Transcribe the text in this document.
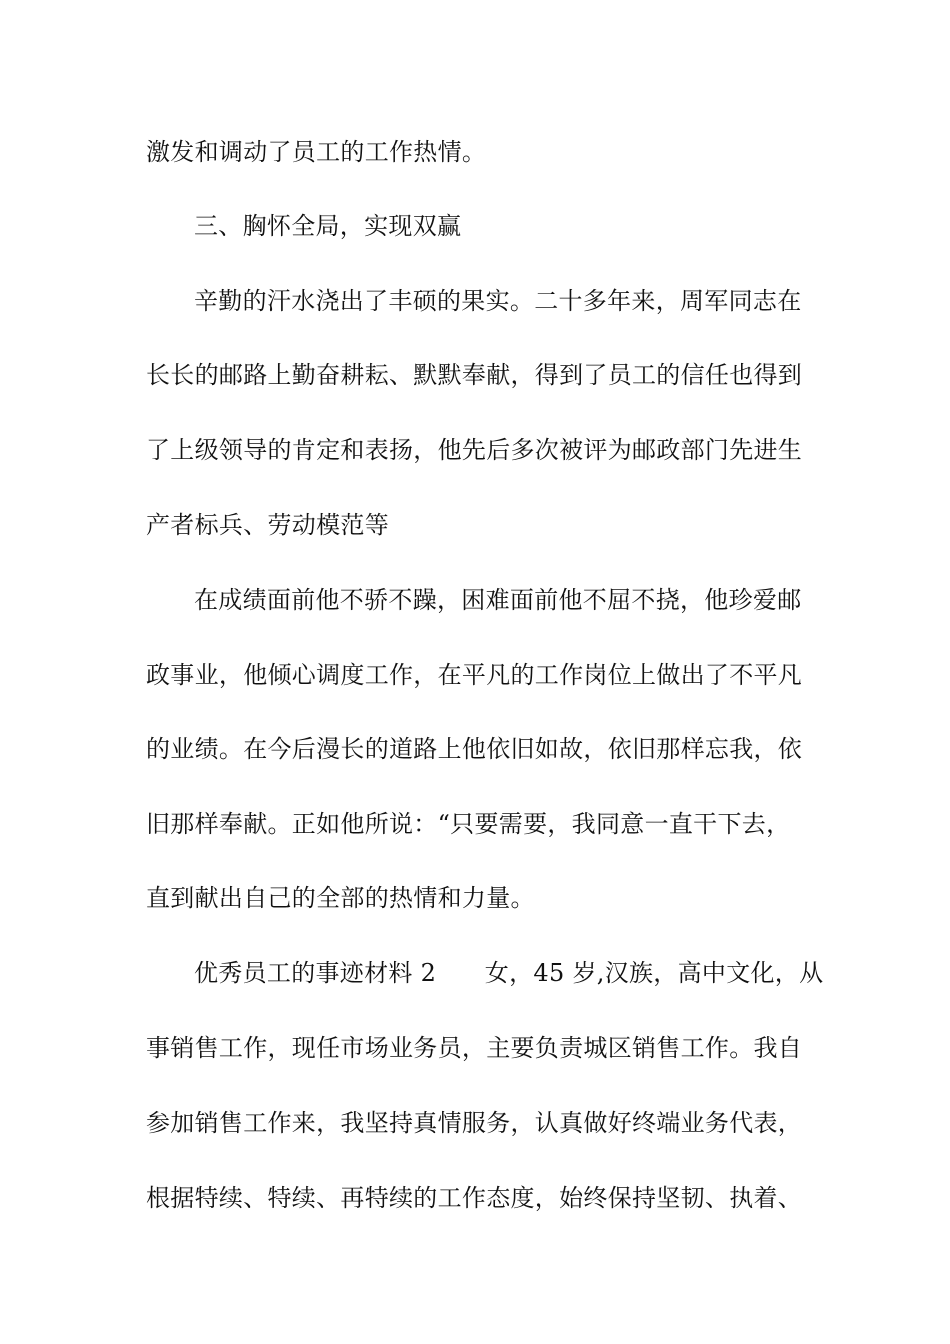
激发和调动了员工的工作热情。
三、胸怀全局，实现双赢
辛勤的汗水浇出了丰硕的果实。二十多年来，周军同志在
长长的邮路上勤奋耕耘、默默奉献，得到了员工的信任也得到
了上级领导的肯定和表扬，他先后多次被评为邮政部门先进生
产者标兵、劳动模范等
在成绩面前他不骄不躁，困难面前他不屈不挠，他珍爱邮
政事业，他倾心调度工作，在平凡的工作岗位上做出了不平凡
的业绩。在今后漫长的道路上他依旧如故，依旧那样忘我，依
旧那样奉献。正如他所说：“只要需要，我同意一直干下去，
直到献出自己的全部的热情和力量。
优秀员工的事迹材料 2　　女，45 岁,汉族，高中文化，从
事销售工作，现任市场业务员，主要负责城区销售工作。我自
参加销售工作来，我坚持真情服务，认真做好终端业务代表，
根据特续、特续、再特续的工作态度，始终保持坚韧、执着、
